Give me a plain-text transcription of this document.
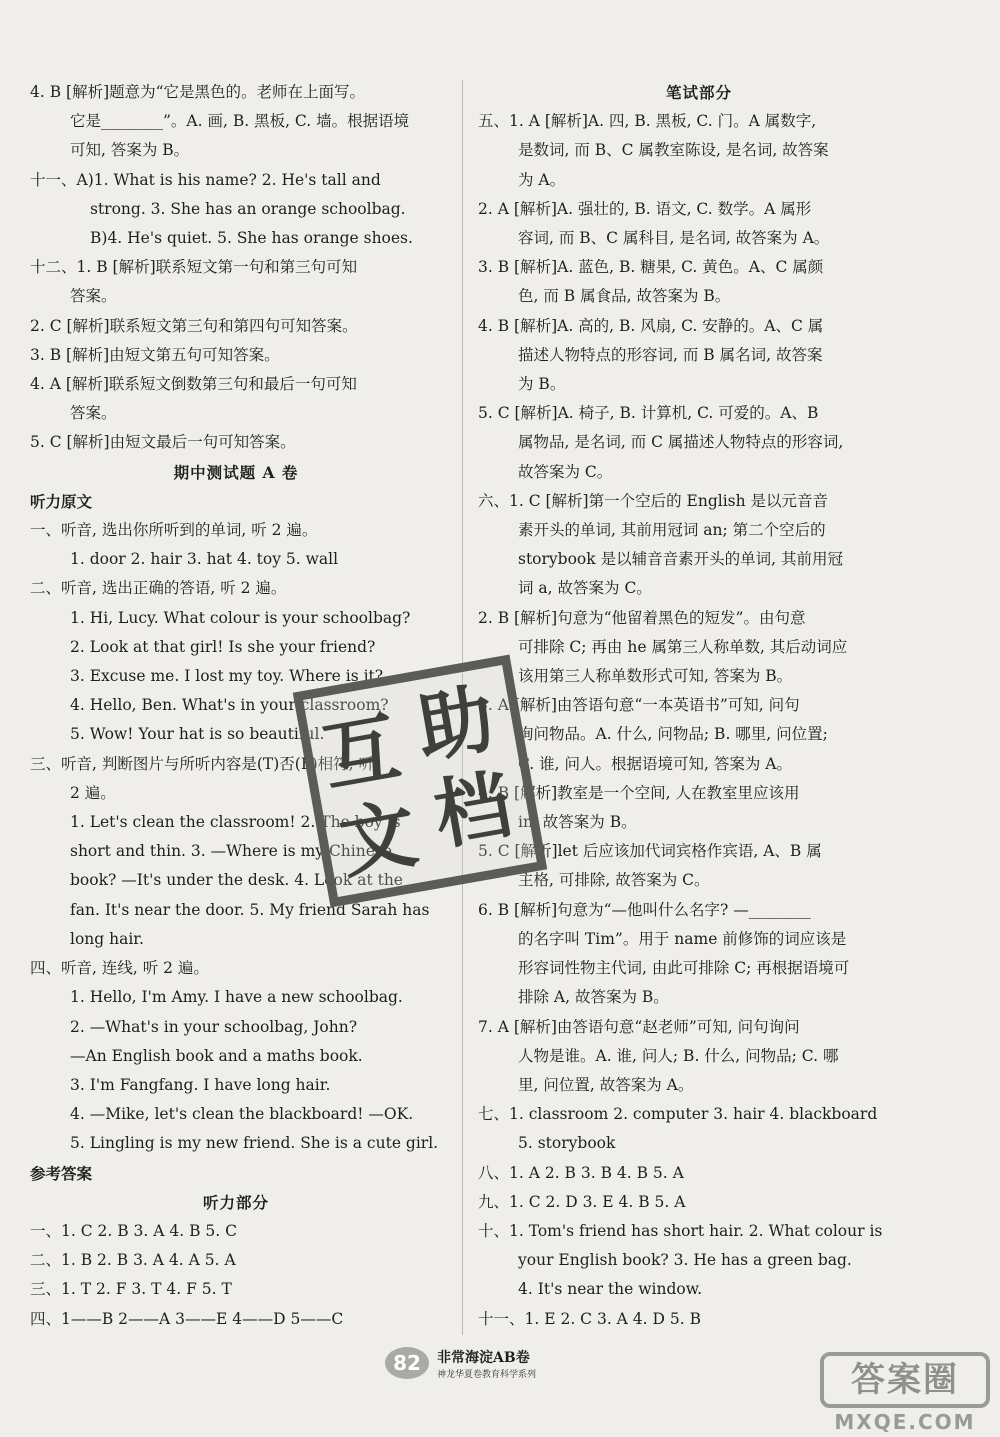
4. B [解析]题意为“它是黑色的。老师在上面写。
它是________”。A. 画, B. 黑板, C. 墙。根据语境
可知, 答案为 B。
十一、A)1. What is his name? 2. He's tall and
strong. 3. She has an orange schoolbag.
B)4. He's quiet. 5. She has orange shoes.
十二、1. B [解析]联系短文第一句和第三句可知
答案。
2. C [解析]联系短文第三句和第四句可知答案。
3. B [解析]由短文第五句可知答案。
4. A [解析]联系短文倒数第三句和最后一句可知
答案。
5. C [解析]由短文最后一句可知答案。
期中测试题 A 卷
听力原文
一、听音, 选出你所听到的单词, 听 2 遍。
1. door 2. hair 3. hat 4. toy 5. wall
二、听音, 选出正确的答语, 听 2 遍。
1. Hi, Lucy. What colour is your schoolbag?
2. Look at that girl! Is she your friend?
3. Excuse me. I lost my toy. Where is it?
4. Hello, Ben. What's in your classroom?
5. Wow! Your hat is so beautiful.
三、听音, 判断图片与所听内容是(T)否(F)相符, 听
2 遍。
1. Let's clean the classroom! 2. The boy is
short and thin. 3. —Where is my Chinese
book? —It's under the desk. 4. Look at the
fan. It's near the door. 5. My friend Sarah has
long hair.
四、听音, 连线, 听 2 遍。
1. Hello, I'm Amy. I have a new schoolbag.
2. —What's in your schoolbag, John?
—An English book and a maths book.
3. I'm Fangfang. I have long hair.
4. —Mike, let's clean the blackboard! —OK.
5. Lingling is my new friend. She is a cute girl.
参考答案
听力部分
一、1. C 2. B 3. A 4. B 5. C
二、1. B 2. B 3. A 4. A 5. A
三、1. T 2. F 3. T 4. F 5. T
四、1——B 2——A 3——E 4——D 5——C
笔试部分
五、1. A [解析]A. 四, B. 黑板, C. 门。A 属数字,
是数词, 而 B、C 属教室陈设, 是名词, 故答案
为 A。
2. A [解析]A. 强壮的, B. 语文, C. 数学。A 属形
容词, 而 B、C 属科目, 是名词, 故答案为 A。
3. B [解析]A. 蓝色, B. 糖果, C. 黄色。A、C 属颜
色, 而 B 属食品, 故答案为 B。
4. B [解析]A. 高的, B. 风扇, C. 安静的。A、C 属
描述人物特点的形容词, 而 B 属名词, 故答案
为 B。
5. C [解析]A. 椅子, B. 计算机, C. 可爱的。A、B
属物品, 是名词, 而 C 属描述人物特点的形容词,
故答案为 C。
六、1. C [解析]第一个空后的 English 是以元音音
素开头的单词, 其前用冠词 an; 第二个空后的
storybook 是以辅音音素开头的单词, 其前用冠
词 a, 故答案为 C。
2. B [解析]句意为“他留着黑色的短发”。由句意
可排除 C; 再由 he 属第三人称单数, 其后动词应
该用第三人称单数形式可知, 答案为 B。
3. A [解析]由答语句意“一本英语书”可知, 问句
询问物品。A. 什么, 问物品; B. 哪里, 问位置;
C. 谁, 问人。根据语境可知, 答案为 A。
4. B [解析]教室是一个空间, 人在教室里应该用
in, 故答案为 B。
5. C [解析]let 后应该加代词宾格作宾语, A、B 属
主格, 可排除, 故答案为 C。
6. B [解析]句意为“—他叫什么名字? —________
的名字叫 Tim”。用于 name 前修饰的词应该是
形容词性物主代词, 由此可排除 C; 再根据语境可
排除 A, 故答案为 B。
7. A [解析]由答语句意“赵老师”可知, 问句询问
人物是谁。A. 谁, 问人; B. 什么, 问物品; C. 哪
里, 问位置, 故答案为 A。
七、1. classroom 2. computer 3. hair 4. blackboard
5. storybook
八、1. A 2. B 3. B 4. B 5. A
九、1. C 2. D 3. E 4. B 5. A
十、1. Tom's friend has short hair. 2. What colour is
your English book? 3. He has a green bag.
4. It's near the window.
十一、1. E 2. C 3. A 4. D 5. B
互 助
文 档
82	非常海淀AB卷
神龙华夏卷教育科学系列	答案圈
MXQE.COM
